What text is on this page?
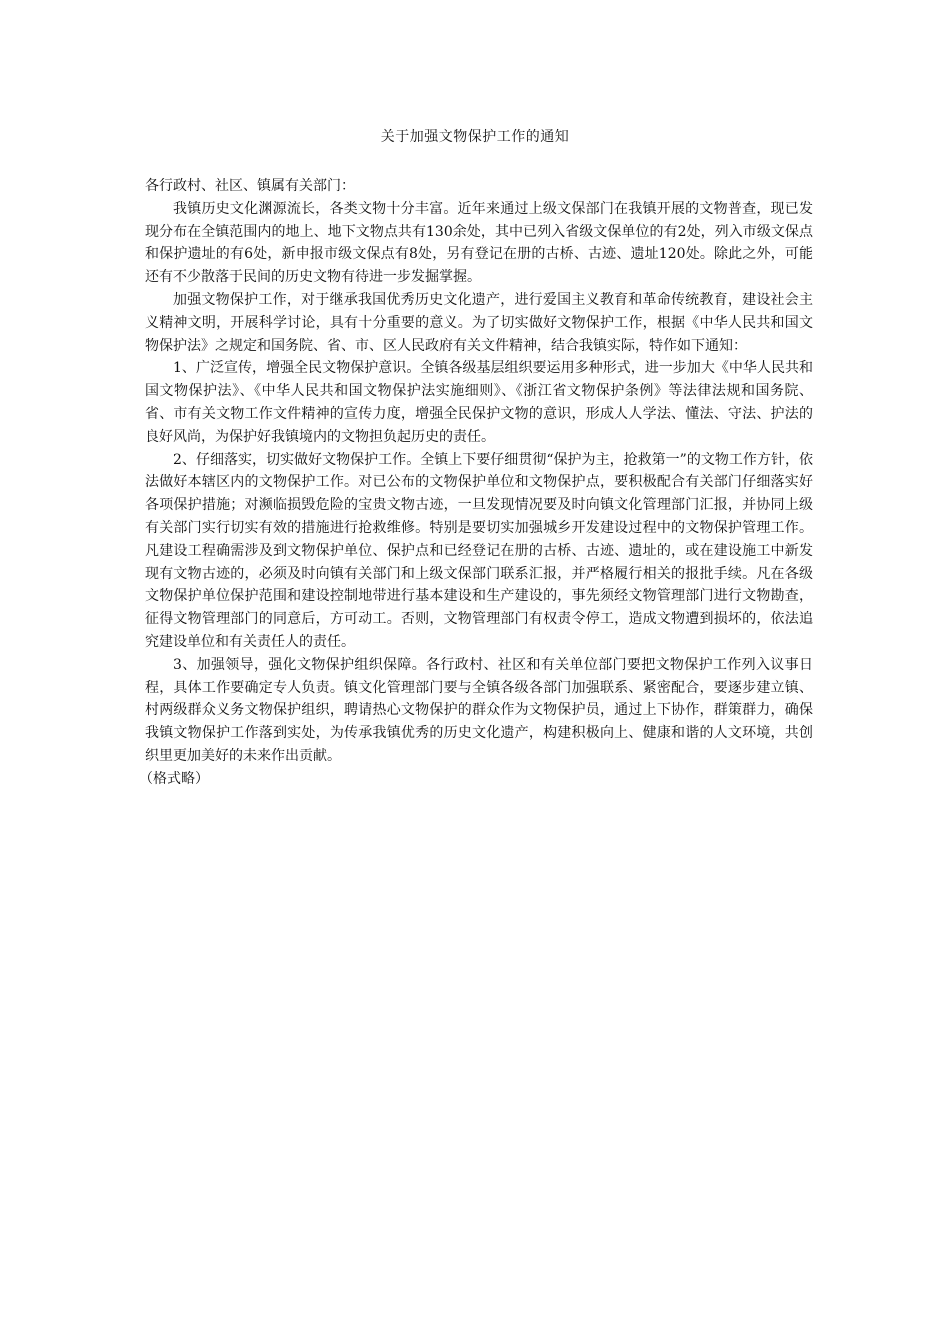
关于加强文物保护工作的通知

各行政村、社区、镇属有关部门：

我镇历史文化渊源流长，各类文物十分丰富。近年来通过上级文保部门在我镇开展的文物普查，现已发现分布在全镇范围内的地上、地下文物点共有130余处，其中已列入省级文保单位的有2处，列入市级文保点和保护遗址的有6处，新申报市级文保点有8处，另有登记在册的古桥、古迹、遗址120处。除此之外，可能还有不少散落于民间的历史文物有待进一步发掘掌握。

加强文物保护工作，对于继承我国优秀历史文化遗产，进行爱国主义教育和革命传统教育，建设社会主义精神文明，开展科学讨论，具有十分重要的意义。为了切实做好文物保护工作，根据《中华人民共和国文物保护法》之规定和国务院、省、市、区人民政府有关文件精神，结合我镇实际，特作如下通知：

1、广泛宣传，增强全民文物保护意识。全镇各级基层组织要运用多种形式，进一步加大《中华人民共和国文物保护法》、《中华人民共和国文物保护法实施细则》、《浙江省文物保护条例》等法律法规和国务院、省、市有关文物工作文件精神的宣传力度，增强全民保护文物的意识，形成人人学法、懂法、守法、护法的良好风尚，为保护好我镇境内的文物担负起历史的责任。

2、仔细落实，切实做好文物保护工作。全镇上下要仔细贯彻“保护为主，抢救第一”的文物工作方针，依法做好本辖区内的文物保护工作。对已公布的文物保护单位和文物保护点，要积极配合有关部门仔细落实好各项保护措施；对濒临损毁危险的宝贵文物古迹，一旦发现情况要及时向镇文化管理部门汇报，并协同上级有关部门实行切实有效的措施进行抢救维修。特别是要切实加强城乡开发建设过程中的文物保护管理工作。凡建设工程确需涉及到文物保护单位、保护点和已经登记在册的古桥、古迹、遗址的，或在建设施工中新发现有文物古迹的，必须及时向镇有关部门和上级文保部门联系汇报，并严格履行相关的报批手续。凡在各级文物保护单位保护范围和建设控制地带进行基本建设和生产建设的，事先须经文物管理部门进行文物勘查，征得文物管理部门的同意后，方可动工。否则，文物管理部门有权责令停工，造成文物遭到损坏的，依法追究建设单位和有关责任人的责任。

3、加强领导，强化文物保护组织保障。各行政村、社区和有关单位部门要把文物保护工作列入议事日程，具体工作要确定专人负责。镇文化管理部门要与全镇各级各部门加强联系、紧密配合，要逐步建立镇、村两级群众义务文物保护组织，聘请热心文物保护的群众作为文物保护员，通过上下协作，群策群力，确保我镇文物保护工作落到实处，为传承我镇优秀的历史文化遗产，构建积极向上、健康和谐的人文环境，共创织里更加美好的未来作出贡献。

（格式略）
